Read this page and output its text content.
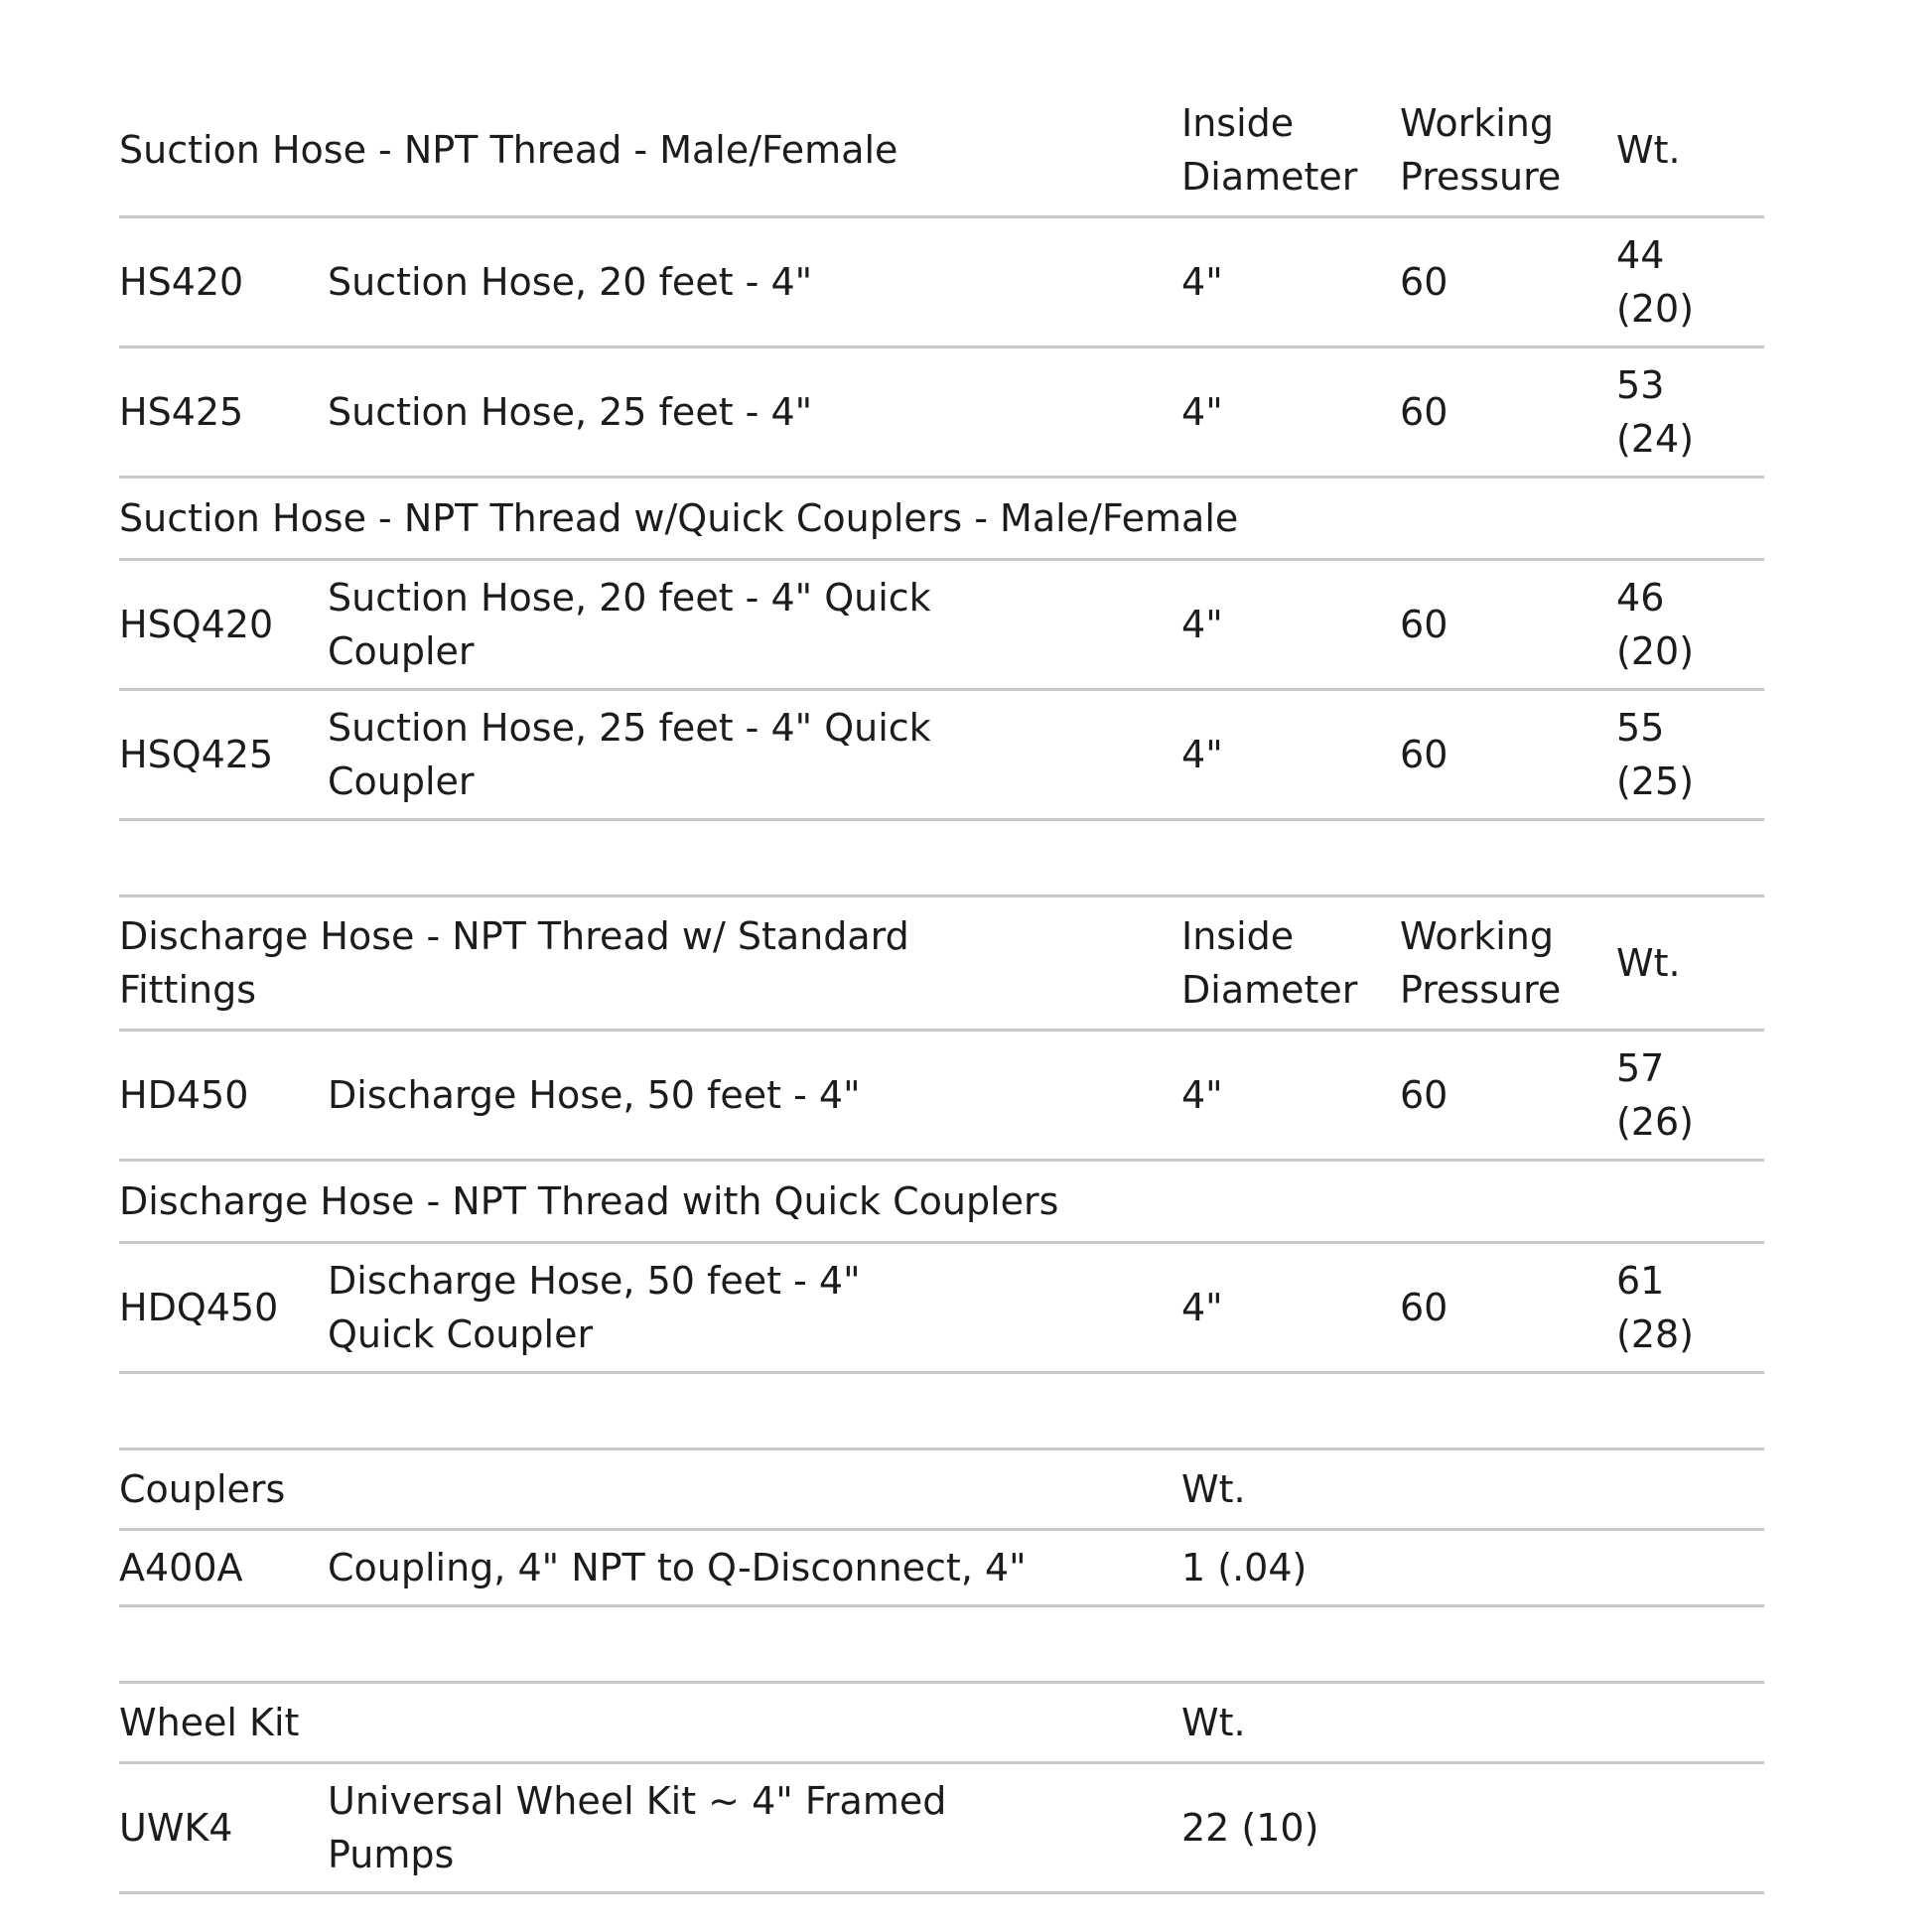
Suction Hose - NPT Thread - Male/Female		Inside Diameter	Working Pressure	Wt.
HS420	Suction Hose, 20 feet - 4"	4"	60	44 (20)

HS425	Suction Hose, 25 feet - 4"	4"	60	53 (24)

Suction Hose - NPT Thread w/Quick Couplers - Male/Female				
HSQ420	Suction Hose, 20 feet - 4" Quick Coupler	4"	60	46 (20)

HSQ425	Suction Hose, 25 feet - 4" Quick Coupler	4"	60	55 (25)
Discharge Hose - NPT Thread w/ Standard Fittings		Inside Diameter	Working Pressure	Wt.
HD450	Discharge Hose, 50 feet - 4"	4"	60	57 (26)

Discharge Hose - NPT Thread with Quick Couplers				
HDQ450	Discharge Hose, 50 feet - 4" Quick Coupler	4"	60	61 (28)
Couplers		Wt.
A400A	Coupling, 4" NPT to Q-Disconnect, 4"	1 (.04)
Wheel Kit		Wt.
UWK4	Universal Wheel Kit ~ 4" Framed Pumps	22 (10)
